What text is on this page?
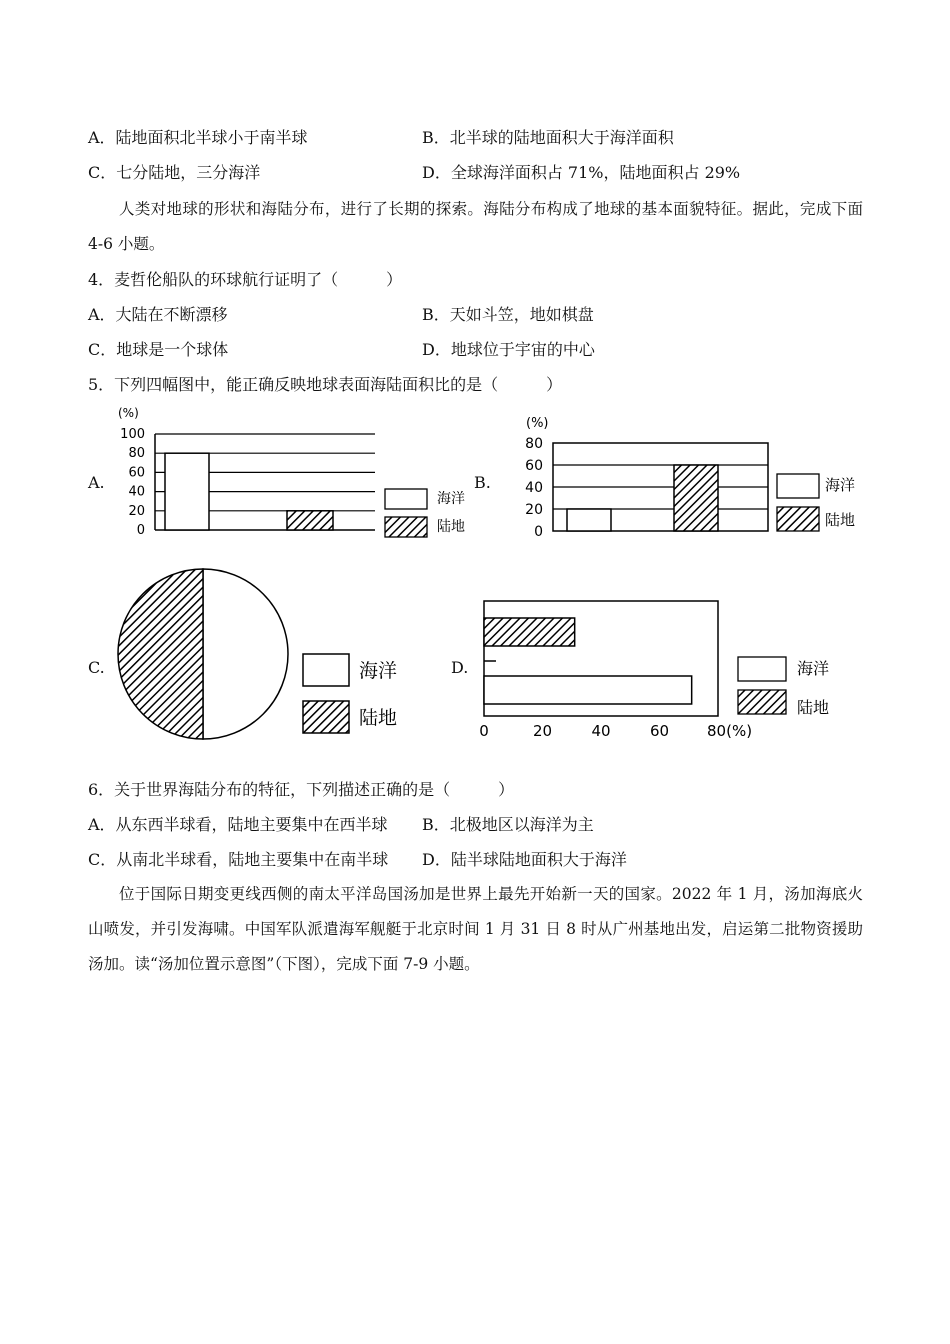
A．陆地面积北半球小于南半球	B．北半球的陆地面积大于海洋面积
C．七分陆地，三分海洋	D．全球海洋面积占 71%，陆地面积占 29%
人类对地球的形状和海陆分布，进行了长期的探索。海陆分布构成了地球的基本面貌特征。据此，完成下面 4-6 小题。
4．麦哲伦船队的环球航行证明了（　　　）
A．大陆在不断漂移	B．天如斗笠，地如棋盘
C．地球是一个球体	D．地球位于宇宙的中心
5．下列四幅图中，能正确反映地球表面海陆面积比的是（　　　）
A.	B.
C.	D.
(%)
0
20
40
60
80
100
海洋
陆地
(%)
0
20
40
60
80
海洋
陆地
海洋
陆地
0	20	40	60	80(%)
海洋
陆地
6．关于世界海陆分布的特征，下列描述正确的是（　　　）
A．从东西半球看，陆地主要集中在西半球 B．北极地区以海洋为主
C．从南北半球看，陆地主要集中在南半球 D．陆半球陆地面积大于海洋
位于国际日期变更线西侧的南太平洋岛国汤加是世界上最先开始新一天的国家。2022 年 1 月，汤加海底火山喷发，并引发海啸。中国军队派遣海军舰艇于北京时间 1 月 31 日 8 时从广州基地出发，启运第二批物资援助汤加。读“汤加位置示意图”（下图），完成下面 7-9 小题。
